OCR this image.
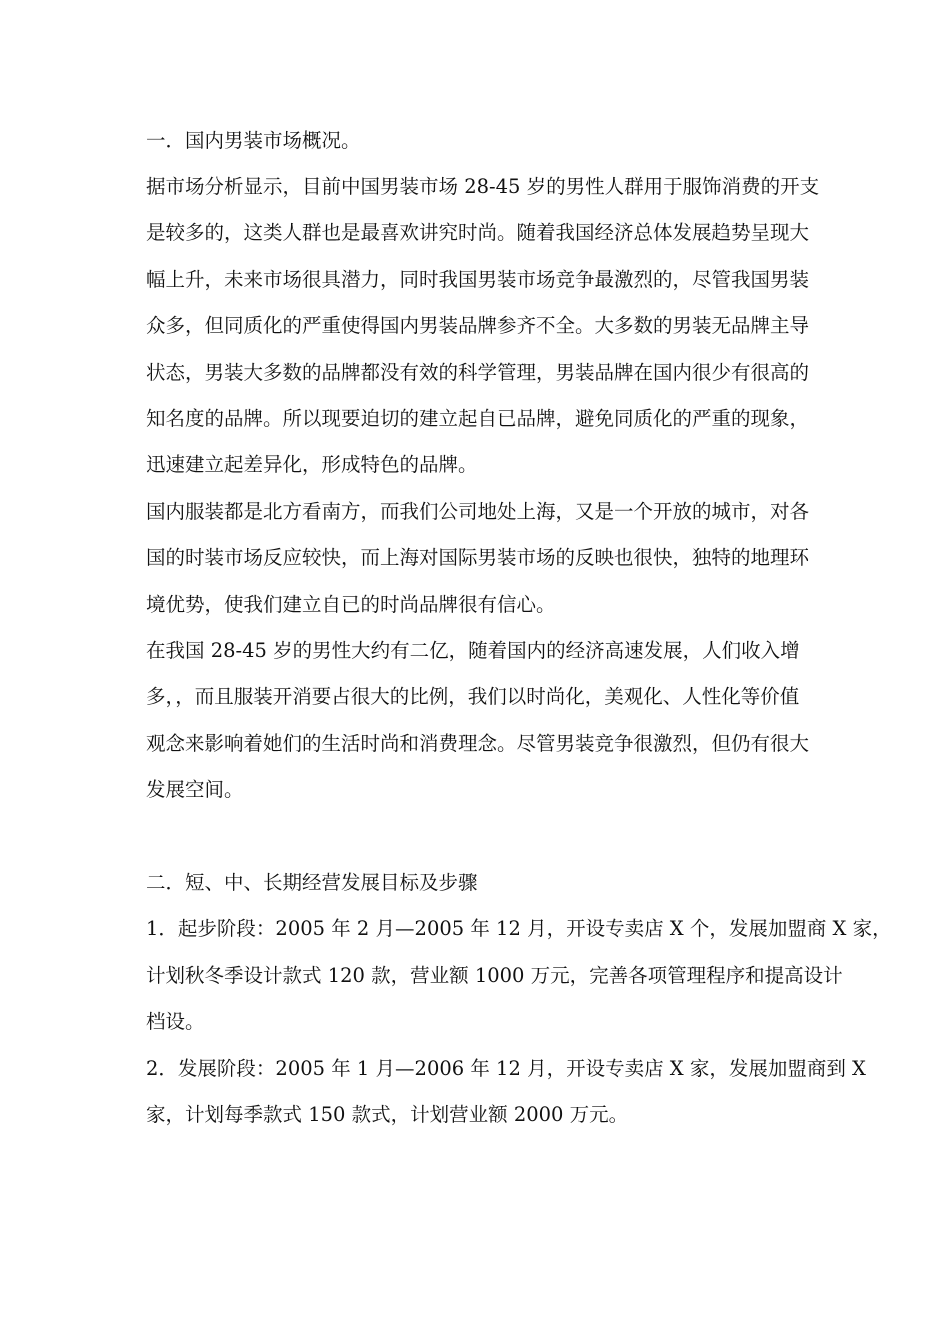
一．国内男装市场概况。
据市场分析显示，目前中国男装市场 28-45 岁的男性人群用于服饰消费的开支
是较多的，这类人群也是最喜欢讲究时尚。随着我国经济总体发展趋势呈现大
幅上升，未来市场很具潜力，同时我国男装市场竞争最激烈的，尽管我国男装
众多，但同质化的严重使得国内男装品牌参齐不全。大多数的男装无品牌主导
状态，男装大多数的品牌都没有效的科学管理，男装品牌在国内很少有很高的
知名度的品牌。所以现要迫切的建立起自已品牌，避免同质化的严重的现象，
迅速建立起差异化，形成特色的品牌。
国内服装都是北方看南方，而我们公司地处上海，又是一个开放的城市，对各
国的时装市场反应较快，而上海对国际男装市场的反映也很快，独特的地理环
境优势，使我们建立自已的时尚品牌很有信心。
在我国 28-45 岁的男性大约有二亿，随着国内的经济高速发展，人们收入增
多，，而且服装开消要占很大的比例，我们以时尚化，美观化、人性化等价值
观念来影响着她们的生活时尚和消费理念。尽管男装竞争很激烈，但仍有很大
发展空间。
二．短、中、长期经营发展目标及步骤
1．起步阶段：2005 年 2 月—2005 年 12 月，开设专卖店 X 个，发展加盟商 X 家，
计划秋冬季设计款式 120 款，营业额 1000 万元，完善各项管理程序和提高设计
档设。
2．发展阶段：2005 年 1 月—2006 年 12 月，开设专卖店 X 家，发展加盟商到 X
家，计划每季款式 150 款式，计划营业额 2000 万元。
